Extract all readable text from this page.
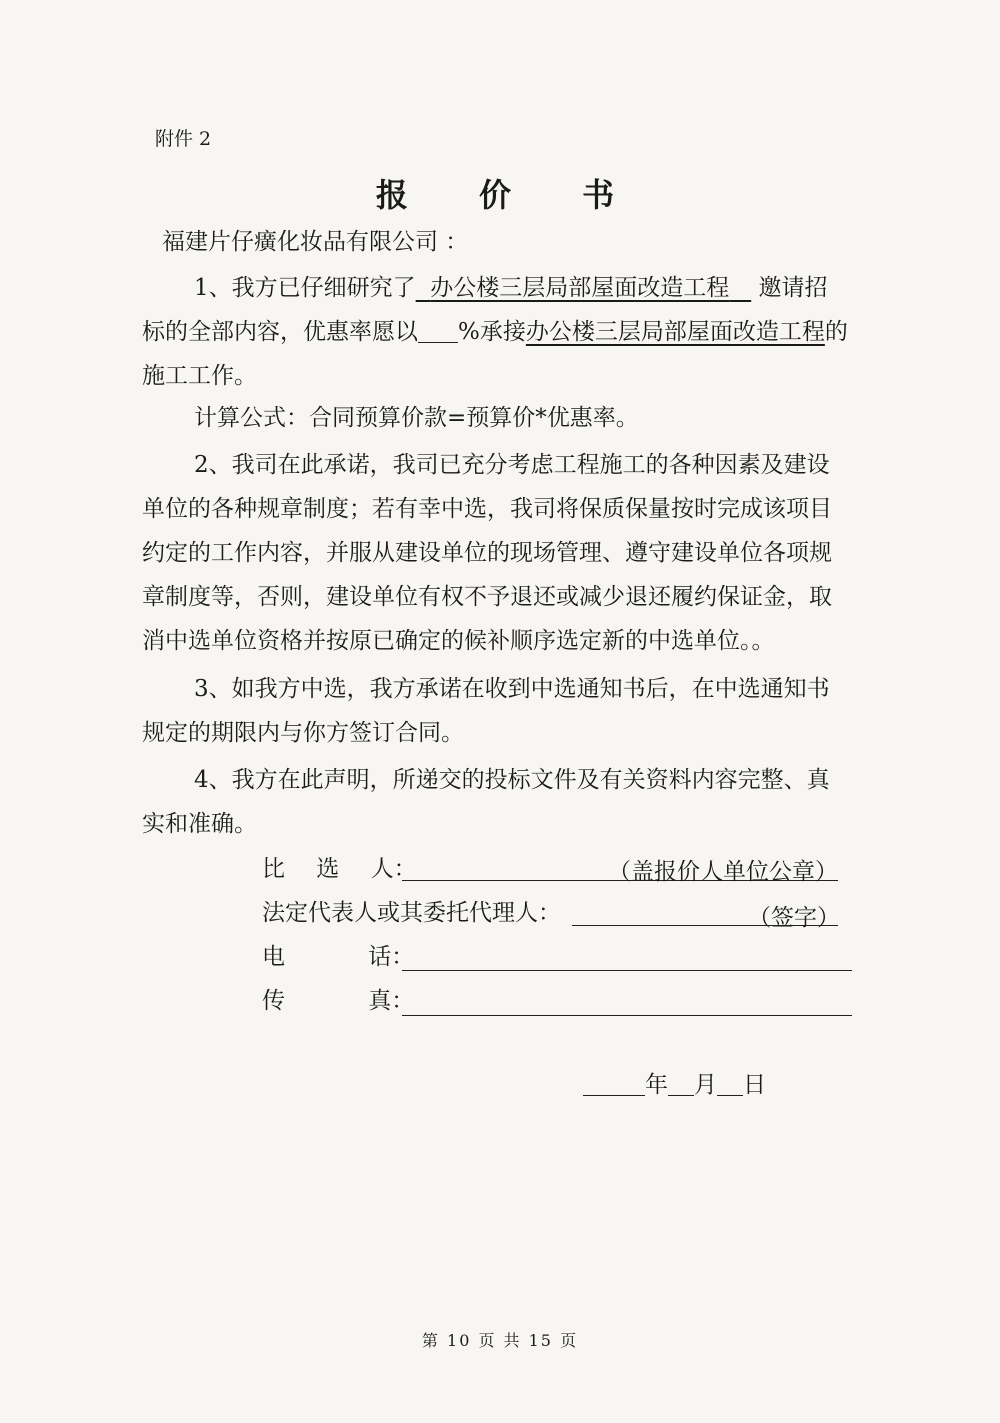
附件 2
报 价 书
福建片仔癀化妆品有限公司 ：
1、我方已仔细研究了 办公楼三层局部屋面改造工程 邀请招
标的全部内容，优惠率愿以 %承接办公楼三层局部屋面改造工程的
施工工作。
计算公式：合同预算价款=预算价*优惠率。
2、我司在此承诺，我司已充分考虑工程施工的各种因素及建设
单位的各种规章制度；若有幸中选，我司将保质保量按时完成该项目
约定的工作内容，并服从建设单位的现场管理、遵守建设单位各项规
章制度等，否则，建设单位有权不予退还或减少退还履约保证金，取
消中选单位资格并按原已确定的候补顺序选定新的中选单位。。
3、如我方中选，我方承诺在收到中选通知书后，在中选通知书
规定的期限内与你方签订合同。
4、我方在此声明，所递交的投标文件及有关资料内容完整、真
实和准确。
比 选 人：	（盖报价人单位公章）
法定代表人或其委托代理人：	（签字）
电 话：
传 真：
年 月 日
第 10 页 共 15 页
